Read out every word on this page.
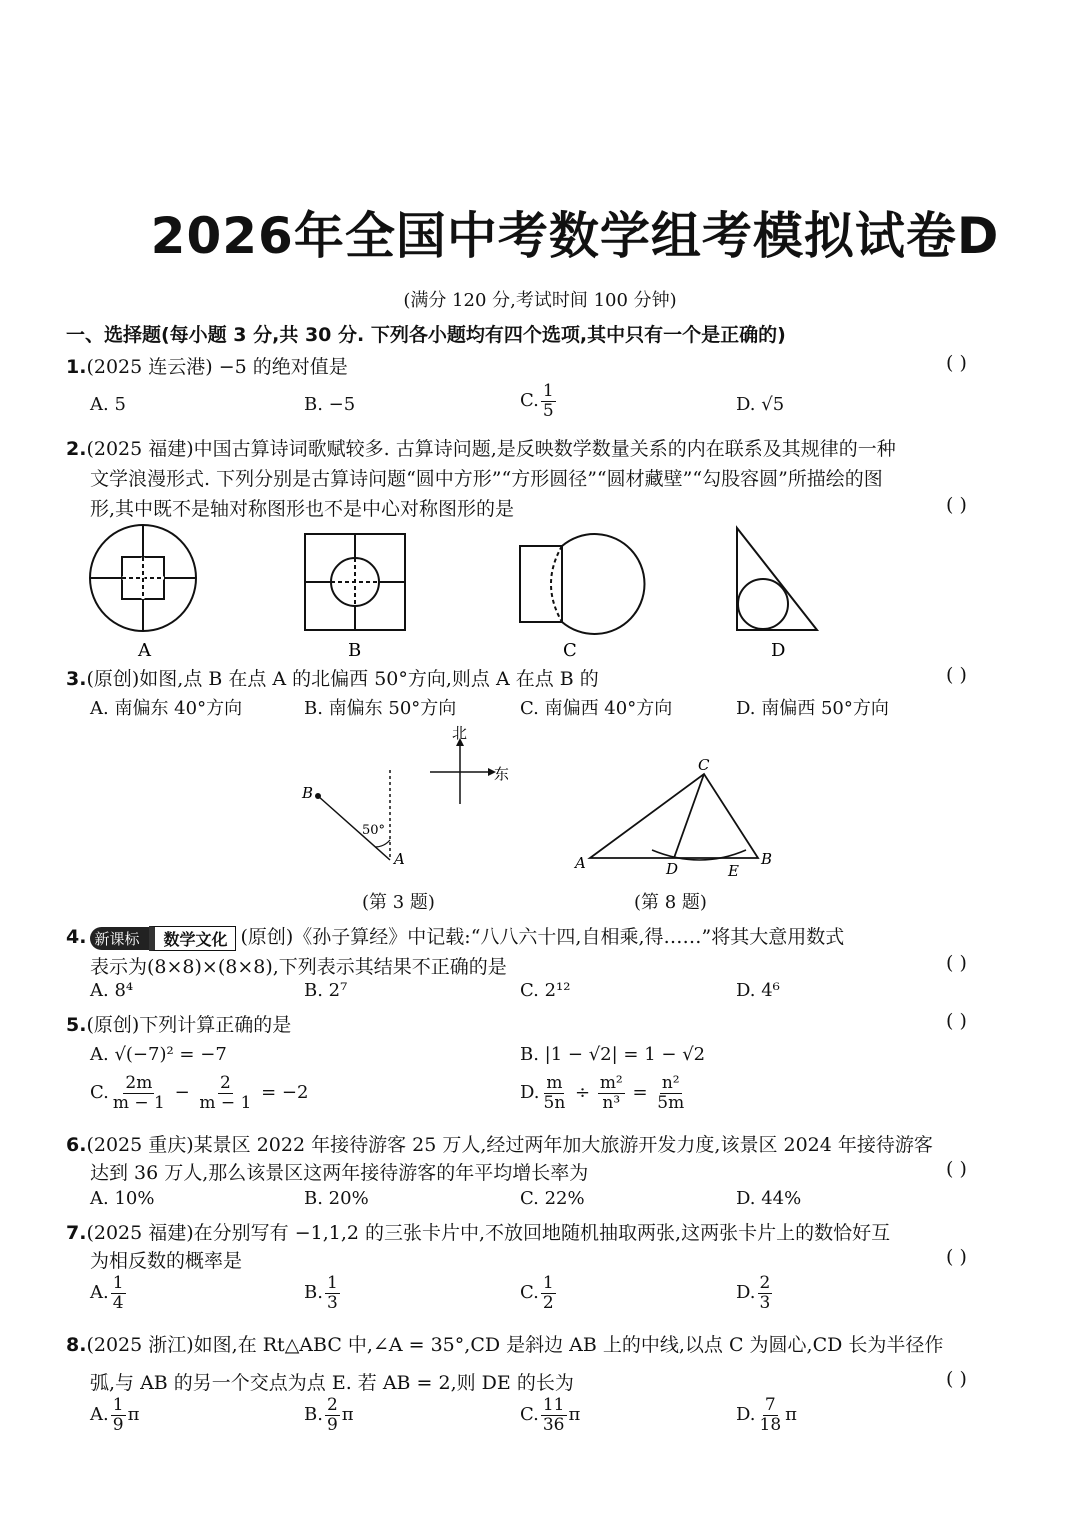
2026年全国中考数学组考模拟试卷D
(满分 120 分,考试时间 100 分钟)
一、选择题(每小题 3 分,共 30 分. 下列各小题均有四个选项,其中只有一个是正确的)
1.(2025 连云港) −5 的绝对值是	( )
A. 5	B. −5	C. $\frac{1}{5}$	D. √5
2.(2025 福建)中国古算诗词歌赋较多. 古算诗问题,是反映数学数量关系的内在联系及其规律的一种
文学浪漫形式. 下列分别是古算诗问题“圆中方形”“方形圆径”“圆材藏壁”“勾股容圆”所描绘的图
形,其中既不是轴对称图形也不是中心对称图形的是	( )
A	B	C	D
3.(原创)如图,点 B 在点 A 的北偏西 50°方向,则点 A 在点 B 的	( )
A. 南偏东 40°方向	B. 南偏东 50°方向	C. 南偏西 40°方向	D. 南偏西 50°方向
北
东
B
A
50°
(第 3 题)
C
A	B
D	E
(第 8 题)
4. 新课标	数学文化 (原创)《孙子算经》中记载:“八八六十四,自相乘,得……”将其大意用数式
表示为(8×8)×(8×8),下列表示其结果不正确的是	( )
A. 8⁴	B. 2⁷	C. 2¹²	D. 4⁶
5.(原创)下列计算正确的是	( )
A. √(−7)² = −7	B. |1 − √2| = 1 − √2
C. $\frac{2m}{m - 1} - \frac{2}{m - 1} = -2$	D. $\frac{m}{5n} \div \frac{\text{m²}}{\text{n³}} = \frac{\text{n²}}{5m}$
6.(2025 重庆)某景区 2022 年接待游客 25 万人,经过两年加大旅游开发力度,该景区 2024 年接待游客
达到 36 万人,那么该景区这两年接待游客的年平均增长率为	( )
A. 10%	B. 20%	C. 22%	D. 44%
7.(2025 福建)在分别写有 −1,1,2 的三张卡片中,不放回地随机抽取两张,这两张卡片上的数恰好互
为相反数的概率是	( )
A. $\frac{1}{4}$	B. $\frac{1}{3}$	C. $\frac{1}{2}$	D. $\frac{2}{3}$
8.(2025 浙江)如图,在 Rt△ABC 中,∠A = 35°,CD 是斜边 AB 上的中线,以点 C 为圆心,CD 长为半径作
弧,与 AB 的另一个交点为点 E. 若 AB = 2,则 DE 的长为	( )
A. $\frac{1}{9}$ π	B. $\frac{2}{9}$ π	C. $\frac{11}{36}$ π	D. $\frac{7}{18}$ π
